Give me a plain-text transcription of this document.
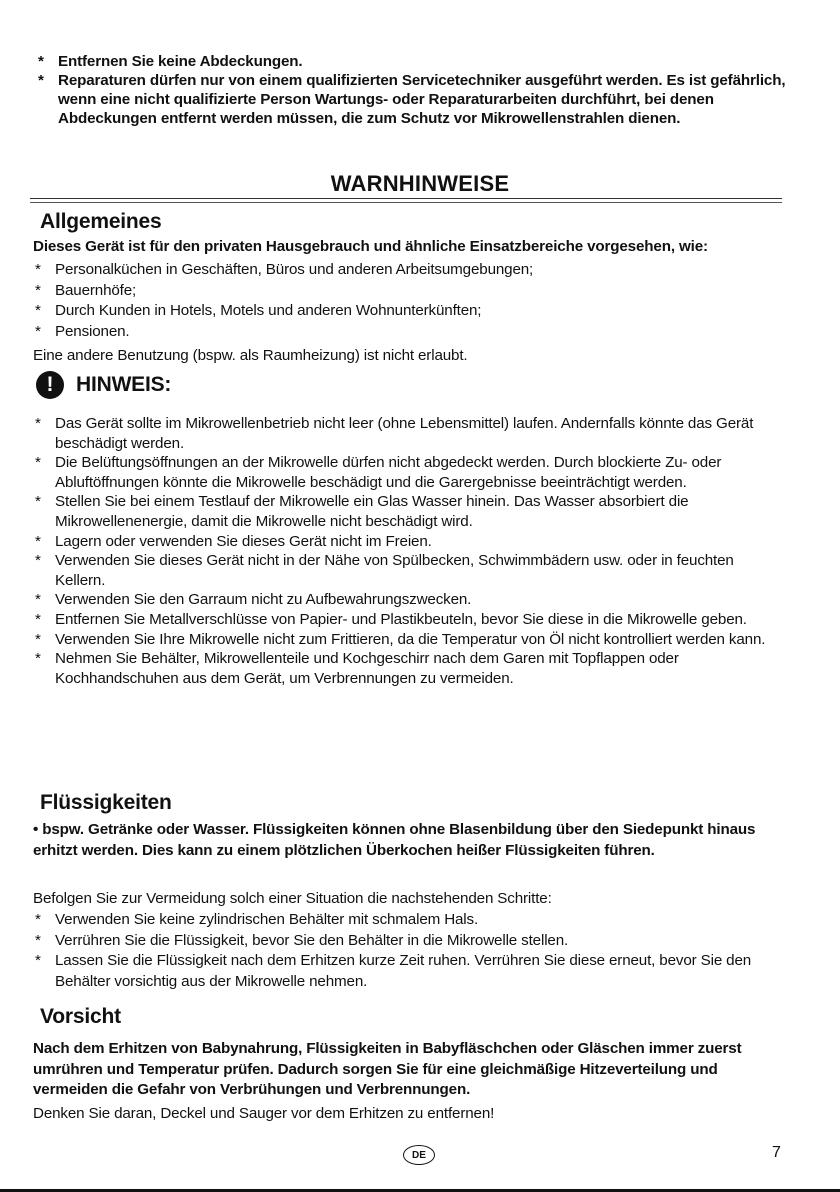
* Entfernen Sie keine Abdeckungen.
* Reparaturen dürfen nur von einem qualifizierten Servicetechniker ausgeführt werden. Es ist gefährlich, wenn eine nicht qualifizierte Person Wartungs- oder Reparaturarbeiten durchführt, bei denen Abdeckungen entfernt werden müssen, die zum Schutz vor Mikrowellenstrahlen dienen.
WARNHINWEISE
Allgemeines
Dieses Gerät ist für den privaten Hausgebrauch und ähnliche Einsatzbereiche vorgesehen, wie:
* Personalküchen in Geschäften, Büros und anderen Arbeitsumgebungen;
* Bauernhöfe;
* Durch Kunden in Hotels, Motels und anderen Wohnunterkünften;
* Pensionen.
Eine andere Benutzung (bspw. als Raumheizung) ist nicht erlaubt.
!	HINWEIS:
* Das Gerät sollte im Mikrowellenbetrieb nicht leer (ohne Lebensmittel) laufen. Andernfalls könnte das Gerät beschädigt werden.
* Die Belüftungsöffnungen an der Mikrowelle dürfen nicht abgedeckt werden. Durch blockierte Zu- oder Abluftöffnungen könnte die Mikrowelle beschädigt und die Garergebnisse beeinträchtigt werden.
* Stellen Sie bei einem Testlauf der Mikrowelle ein Glas Wasser hinein. Das Wasser absorbiert die Mikrowellenenergie, damit die Mikrowelle nicht beschädigt wird.
* Lagern oder verwenden Sie dieses Gerät nicht im Freien.
* Verwenden Sie dieses Gerät nicht in der Nähe von Spülbecken, Schwimmbädern usw. oder in feuchten Kellern.
* Verwenden Sie den Garraum nicht zu Aufbewahrungszwecken.
* Entfernen Sie Metallverschlüsse von Papier- und Plastikbeuteln, bevor Sie diese in die Mikrowelle geben.
* Verwenden Sie Ihre Mikrowelle nicht zum Frittieren, da die Temperatur von Öl nicht kontrolliert werden kann.
* Nehmen Sie Behälter, Mikrowellenteile und Kochgeschirr nach dem Garen mit Topflappen oder Kochhandschuhen aus dem Gerät, um Verbrennungen zu vermeiden.
Flüssigkeiten
• bspw. Getränke oder Wasser. Flüssigkeiten können ohne Blasenbildung über den Siedepunkt hinaus erhitzt werden. Dies kann zu einem plötzlichen Überkochen heißer Flüssigkeiten führen.
Befolgen Sie zur Vermeidung solch einer Situation die nachstehenden Schritte:
* Verwenden Sie keine zylindrischen Behälter mit schmalem Hals.
* Verrühren Sie die Flüssigkeit, bevor Sie den Behälter in die Mikrowelle stellen.
* Lassen Sie die Flüssigkeit nach dem Erhitzen kurze Zeit ruhen. Verrühren Sie diese erneut, bevor Sie den Behälter vorsichtig aus der Mikrowelle nehmen.
Vorsicht
Nach dem Erhitzen von Babynahrung, Flüssigkeiten in Babyfläschchen oder Gläschen immer zuerst umrühren und Temperatur prüfen. Dadurch sorgen Sie für eine gleichmäßige Hitzeverteilung und vermeiden die Gefahr von Verbrühungen und Verbrennungen.
Denken Sie daran, Deckel und Sauger vor dem Erhitzen zu entfernen!
DE	7
